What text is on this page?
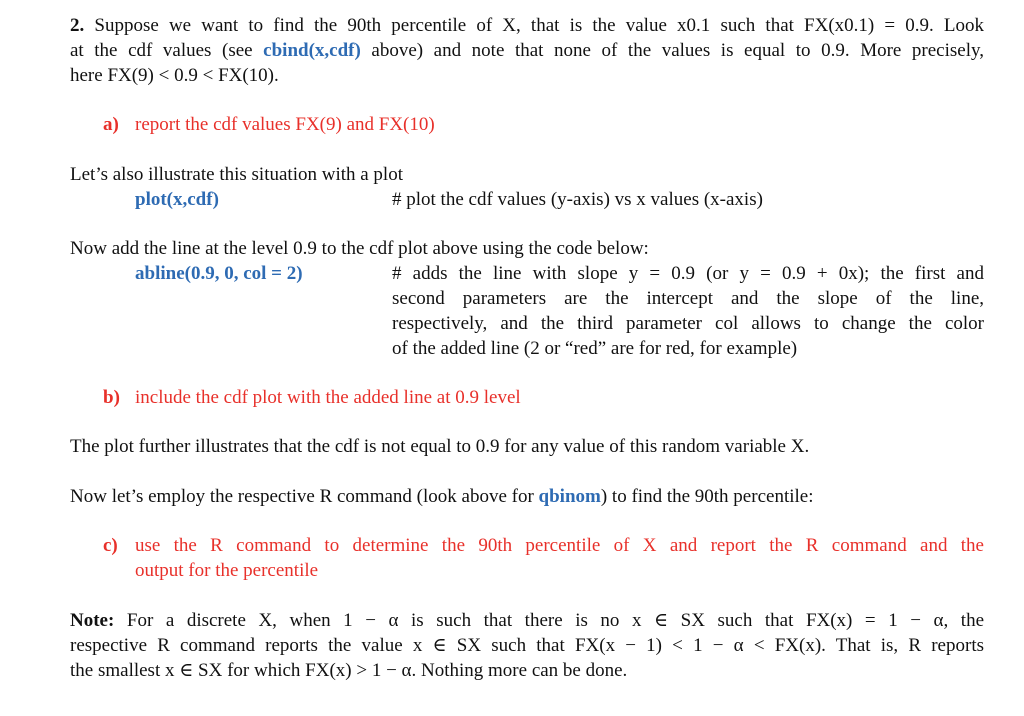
2. Suppose we want to find the 90th percentile of X, that is the value x0.1 such that FX(x0.1) = 0.9. Look
at the cdf values (see cbind(x,cdf) above) and note that none of the values is equal to 0.9. More precisely,
here FX(9) < 0.9 < FX(10).
a) report the cdf values FX(9) and FX(10)
Let’s also illustrate this situation with a plot
plot(x,cdf)	# plot the cdf values (y-axis) vs x values (x-axis)
Now add the line at the level 0.9 to the cdf plot above using the code below:
abline(0.9, 0, col = 2)	# adds the line with slope y = 0.9 (or y = 0.9 + 0x); the first and
second parameters are the intercept and the slope of the line,
respectively, and the third parameter col allows to change the color
of the added line (2 or “red” are for red, for example)
b) include the cdf plot with the added line at 0.9 level
The plot further illustrates that the cdf is not equal to 0.9 for any value of this random variable X.
Now let’s employ the respective R command (look above for qbinom) to find the 90th percentile:
c) use the R command to determine the 90th percentile of X and report the R command and the
output for the percentile
Note: For a discrete X, when 1 − α is such that there is no x ∈ SX such that FX(x) = 1 − α, the
respective R command reports the value x ∈ SX such that FX(x − 1) < 1 − α < FX(x). That is, R reports
the smallest x ∈ SX for which FX(x) > 1 − α. Nothing more can be done.
